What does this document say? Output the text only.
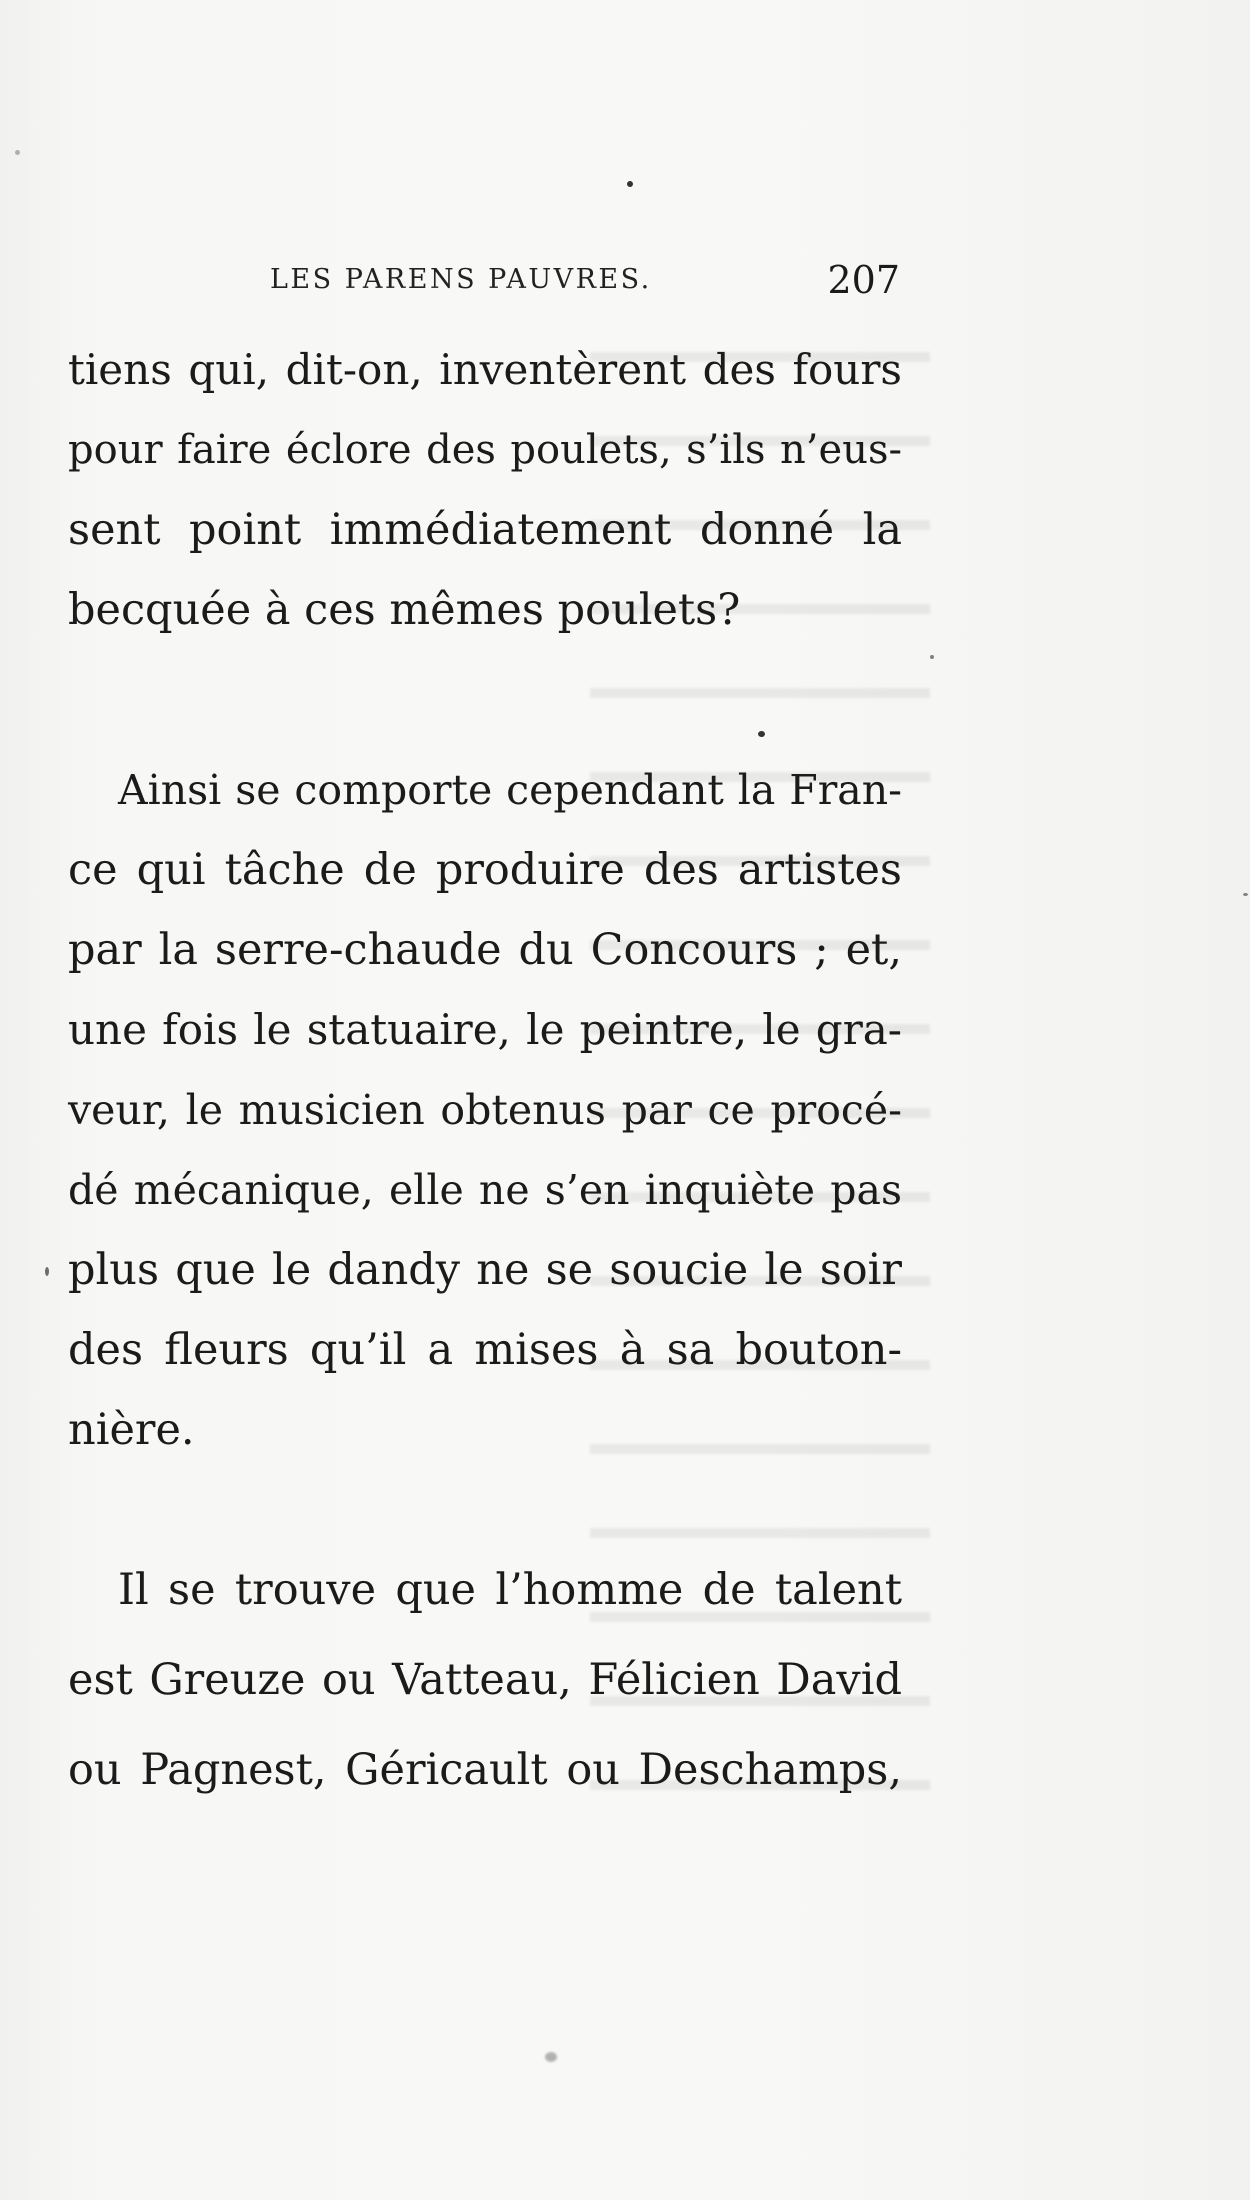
LES PARENS PAUVRES.	207
tiens qui, dit-on, inventèrent des fours
pour faire éclore des poulets, s’ils n’eus-
sent point immédiatement donné la
becquée à ces mêmes poulets?
Ainsi se comporte cependant la Fran-
ce qui tâche de produire des artistes
par la serre-chaude du Concours ; et,
une fois le statuaire, le peintre, le gra-
veur, le musicien obtenus par ce procé-
dé mécanique, elle ne s’en inquiète pas
plus que le dandy ne se soucie le soir
des fleurs qu’il a mises à sa bouton-
nière.
Il se trouve que l’homme de talent
est Greuze ou Vatteau, Félicien David
ou Pagnest, Géricault ou Deschamps,
